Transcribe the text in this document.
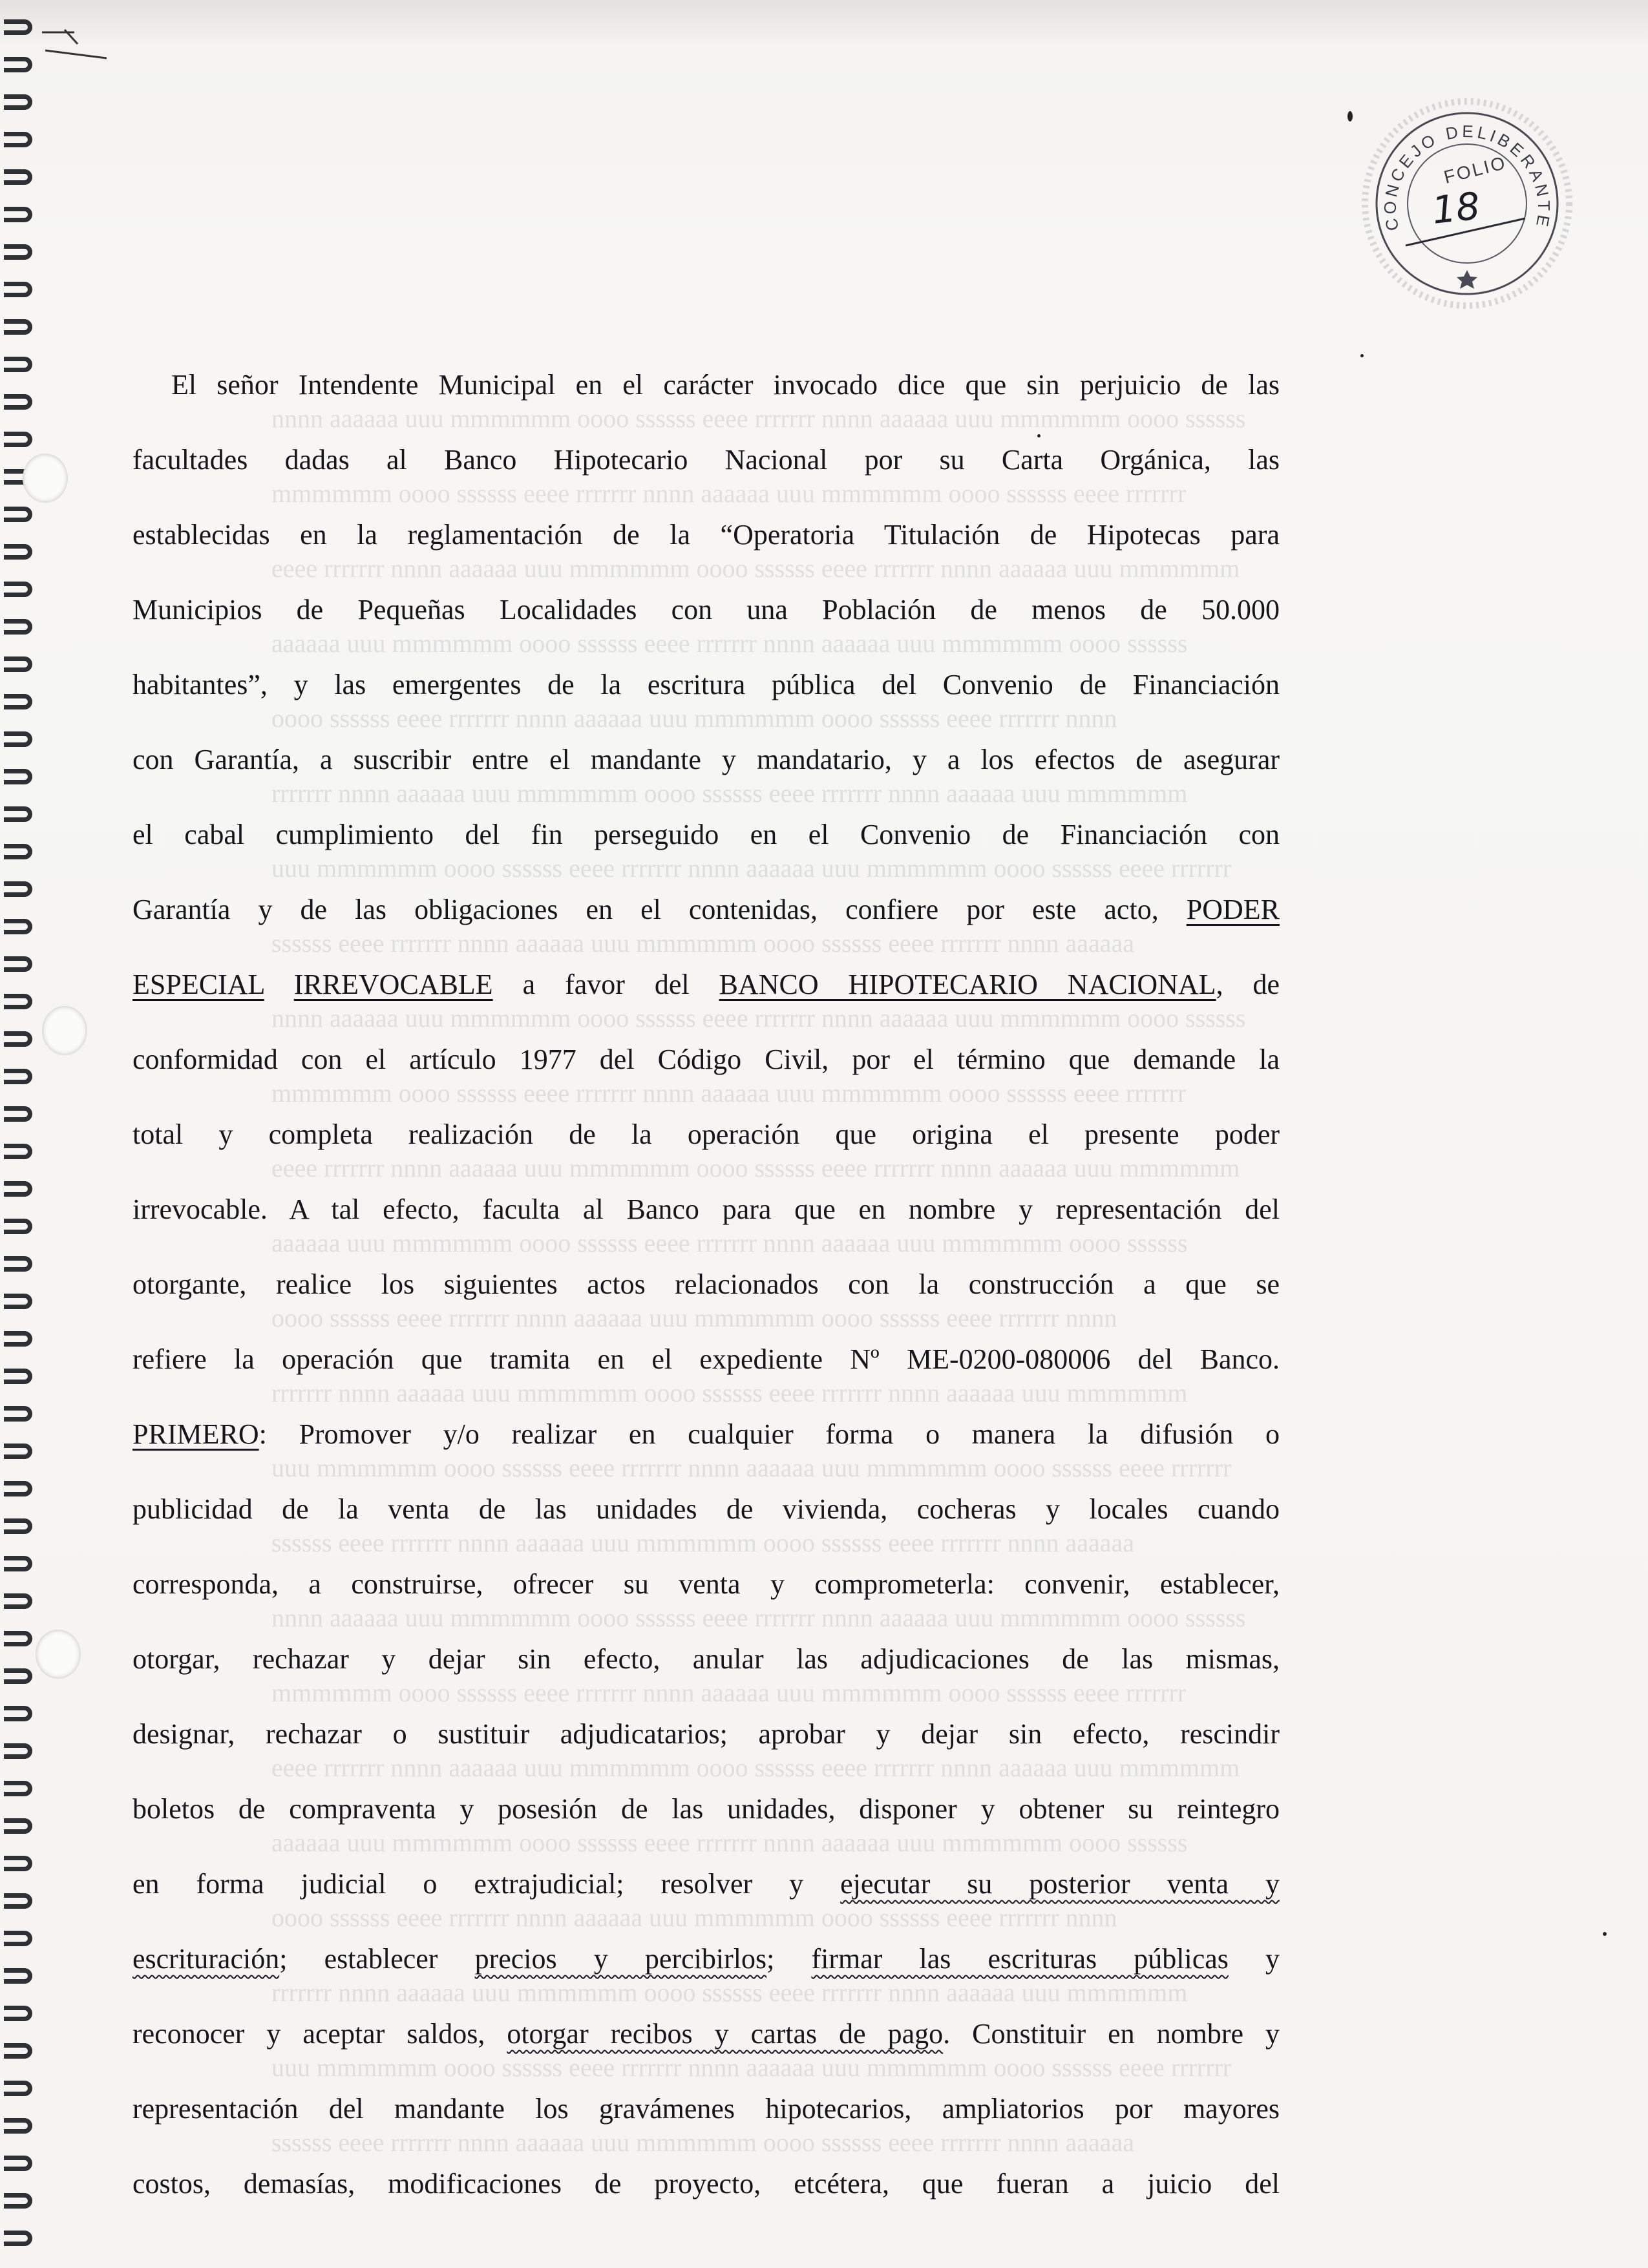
nnnn aaaaaa uuu mmmmmm oooo ssssss eeee rrrrrrr nnnn aaaaaa uuu mmmmmm oooo ssssss
mmmmmm oooo ssssss eeee rrrrrrr nnnn aaaaaa uuu mmmmmm oooo ssssss eeee rrrrrrr
eeee rrrrrrr nnnn aaaaaa uuu mmmmmm oooo ssssss eeee rrrrrrr nnnn aaaaaa uuu mmmmmm
aaaaaa uuu mmmmmm oooo ssssss eeee rrrrrrr nnnn aaaaaa uuu mmmmmm oooo ssssss
oooo ssssss eeee rrrrrrr nnnn aaaaaa uuu mmmmmm oooo ssssss eeee rrrrrrr nnnn
rrrrrrr nnnn aaaaaa uuu mmmmmm oooo ssssss eeee rrrrrrr nnnn aaaaaa uuu mmmmmm
uuu mmmmmm oooo ssssss eeee rrrrrrr nnnn aaaaaa uuu mmmmmm oooo ssssss eeee rrrrrrr
ssssss eeee rrrrrrr nnnn aaaaaa uuu mmmmmm oooo ssssss eeee rrrrrrr nnnn aaaaaa
nnnn aaaaaa uuu mmmmmm oooo ssssss eeee rrrrrrr nnnn aaaaaa uuu mmmmmm oooo ssssss
mmmmmm oooo ssssss eeee rrrrrrr nnnn aaaaaa uuu mmmmmm oooo ssssss eeee rrrrrrr
eeee rrrrrrr nnnn aaaaaa uuu mmmmmm oooo ssssss eeee rrrrrrr nnnn aaaaaa uuu mmmmmm
aaaaaa uuu mmmmmm oooo ssssss eeee rrrrrrr nnnn aaaaaa uuu mmmmmm oooo ssssss
oooo ssssss eeee rrrrrrr nnnn aaaaaa uuu mmmmmm oooo ssssss eeee rrrrrrr nnnn
rrrrrrr nnnn aaaaaa uuu mmmmmm oooo ssssss eeee rrrrrrr nnnn aaaaaa uuu mmmmmm
uuu mmmmmm oooo ssssss eeee rrrrrrr nnnn aaaaaa uuu mmmmmm oooo ssssss eeee rrrrrrr
ssssss eeee rrrrrrr nnnn aaaaaa uuu mmmmmm oooo ssssss eeee rrrrrrr nnnn aaaaaa
nnnn aaaaaa uuu mmmmmm oooo ssssss eeee rrrrrrr nnnn aaaaaa uuu mmmmmm oooo ssssss
mmmmmm oooo ssssss eeee rrrrrrr nnnn aaaaaa uuu mmmmmm oooo ssssss eeee rrrrrrr
eeee rrrrrrr nnnn aaaaaa uuu mmmmmm oooo ssssss eeee rrrrrrr nnnn aaaaaa uuu mmmmmm
aaaaaa uuu mmmmmm oooo ssssss eeee rrrrrrr nnnn aaaaaa uuu mmmmmm oooo ssssss
oooo ssssss eeee rrrrrrr nnnn aaaaaa uuu mmmmmm oooo ssssss eeee rrrrrrr nnnn
rrrrrrr nnnn aaaaaa uuu mmmmmm oooo ssssss eeee rrrrrrr nnnn aaaaaa uuu mmmmmm
uuu mmmmmm oooo ssssss eeee rrrrrrr nnnn aaaaaa uuu mmmmmm oooo ssssss eeee rrrrrrr
ssssss eeee rrrrrrr nnnn aaaaaa uuu mmmmmm oooo ssssss eeee rrrrrrr nnnn aaaaaa
CONCEJO DELIBERANTE
FOLIO
18
El señor Intendente Municipal en el carácter invocado dice que sin perjuicio de las
facultades dadas al Banco Hipotecario Nacional por su Carta Orgánica, las
establecidas en la reglamentación de la “Operatoria Titulación de Hipotecas para
Municipios de Pequeñas Localidades con una Población de menos de 50.000
habitantes”, y las emergentes de la escritura pública del Convenio de Financiación
con Garantía, a suscribir entre el mandante y mandatario, y a los efectos de asegurar
el cabal cumplimiento del fin perseguido en el Convenio de Financiación con
Garantía y de las obligaciones en el contenidas, confiere por este acto, PODER
ESPECIAL IRREVOCABLE a favor del BANCO HIPOTECARIO NACIONAL, de
conformidad con el artículo 1977 del Código Civil, por el término que demande la
total y completa realización de la operación que origina el presente poder
irrevocable. A tal efecto, faculta al Banco para que en nombre y representación del
otorgante, realice los siguientes actos relacionados con la construcción a que se
refiere la operación que tramita en el expediente Nº ME-0200-080006 del Banco.
PRIMERO: Promover y/o realizar en cualquier forma o manera la difusión o
publicidad de la venta de las unidades de vivienda, cocheras y locales cuando
corresponda, a construirse, ofrecer su venta y comprometerla: convenir, establecer,
otorgar, rechazar y dejar sin efecto, anular las adjudicaciones de las mismas,
designar, rechazar o sustituir adjudicatarios; aprobar y dejar sin efecto, rescindir
boletos de compraventa y posesión de las unidades, disponer y obtener su reintegro
en forma judicial o extrajudicial; resolver y ejecutar su posterior venta y
escrituración; establecer precios y percibirlos; firmar las escrituras públicas y
reconocer y aceptar saldos, otorgar recibos y cartas de pago. Constituir en nombre y
representación del mandante los gravámenes hipotecarios, ampliatorios por mayores
costos, demasías, modificaciones de proyecto, etcétera, que fueran a juicio del
